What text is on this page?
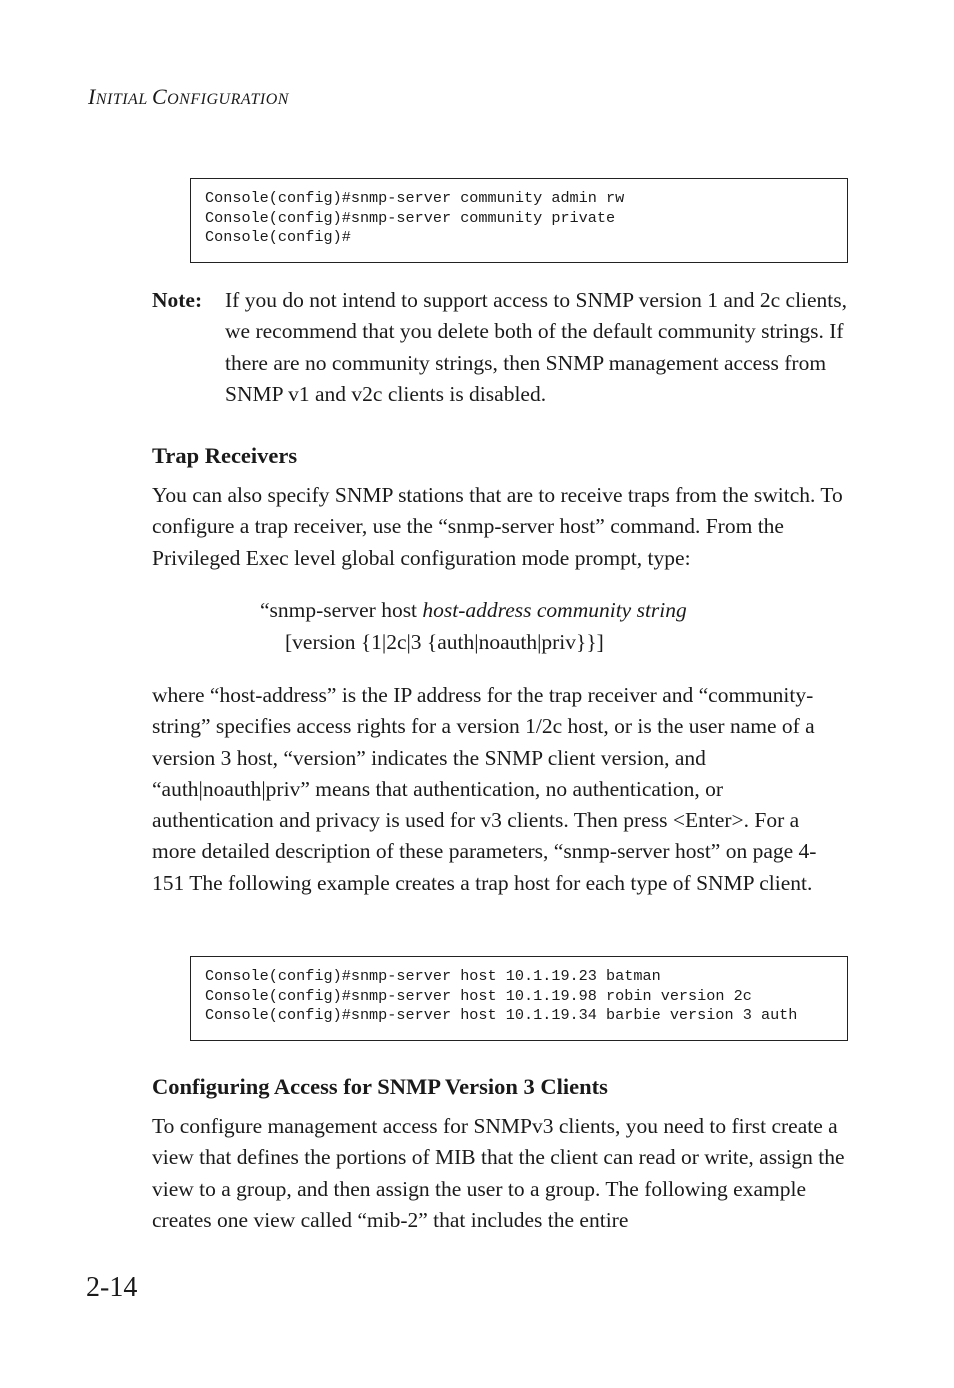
INITIAL CONFIGURATION
Console(config)#snmp-server community admin rw
Console(config)#snmp-server community private
Console(config)#
Note: If you do not intend to support access to SNMP version 1 and 2c clients, we recommend that you delete both of the default community strings. If there are no community strings, then SNMP management access from SNMP v1 and v2c clients is disabled.

Trap Receivers

You can also specify SNMP stations that are to receive traps from the switch. To configure a trap receiver, use the “snmp-server host” command. From the Privileged Exec level global configuration mode prompt, type:

“snmp-server host host-address community string
[version {1|2c|3 {auth|noauth|priv}}]

where “host-address” is the IP address for the trap receiver and “community-string” specifies access rights for a version 1/2c host, or is the user name of a version 3 host, “version” indicates the SNMP client version, and “auth|noauth|priv” means that authentication, no authentication, or authentication and privacy is used for v3 clients. Then press <Enter>. For a more detailed description of these parameters, “snmp-server host” on page 4-151 The following example creates a trap host for each type of SNMP client.

Console(config)#snmp-server host 10.1.19.23 batman
Console(config)#snmp-server host 10.1.19.98 robin version 2c
Console(config)#snmp-server host 10.1.19.34 barbie version 3 auth
Configuring Access for SNMP Version 3 Clients

To configure management access for SNMPv3 clients, you need to first create a view that defines the portions of MIB that the client can read or write, assign the view to a group, and then assign the user to a group. The following example creates one view called “mib-2” that includes the entire

2-14
